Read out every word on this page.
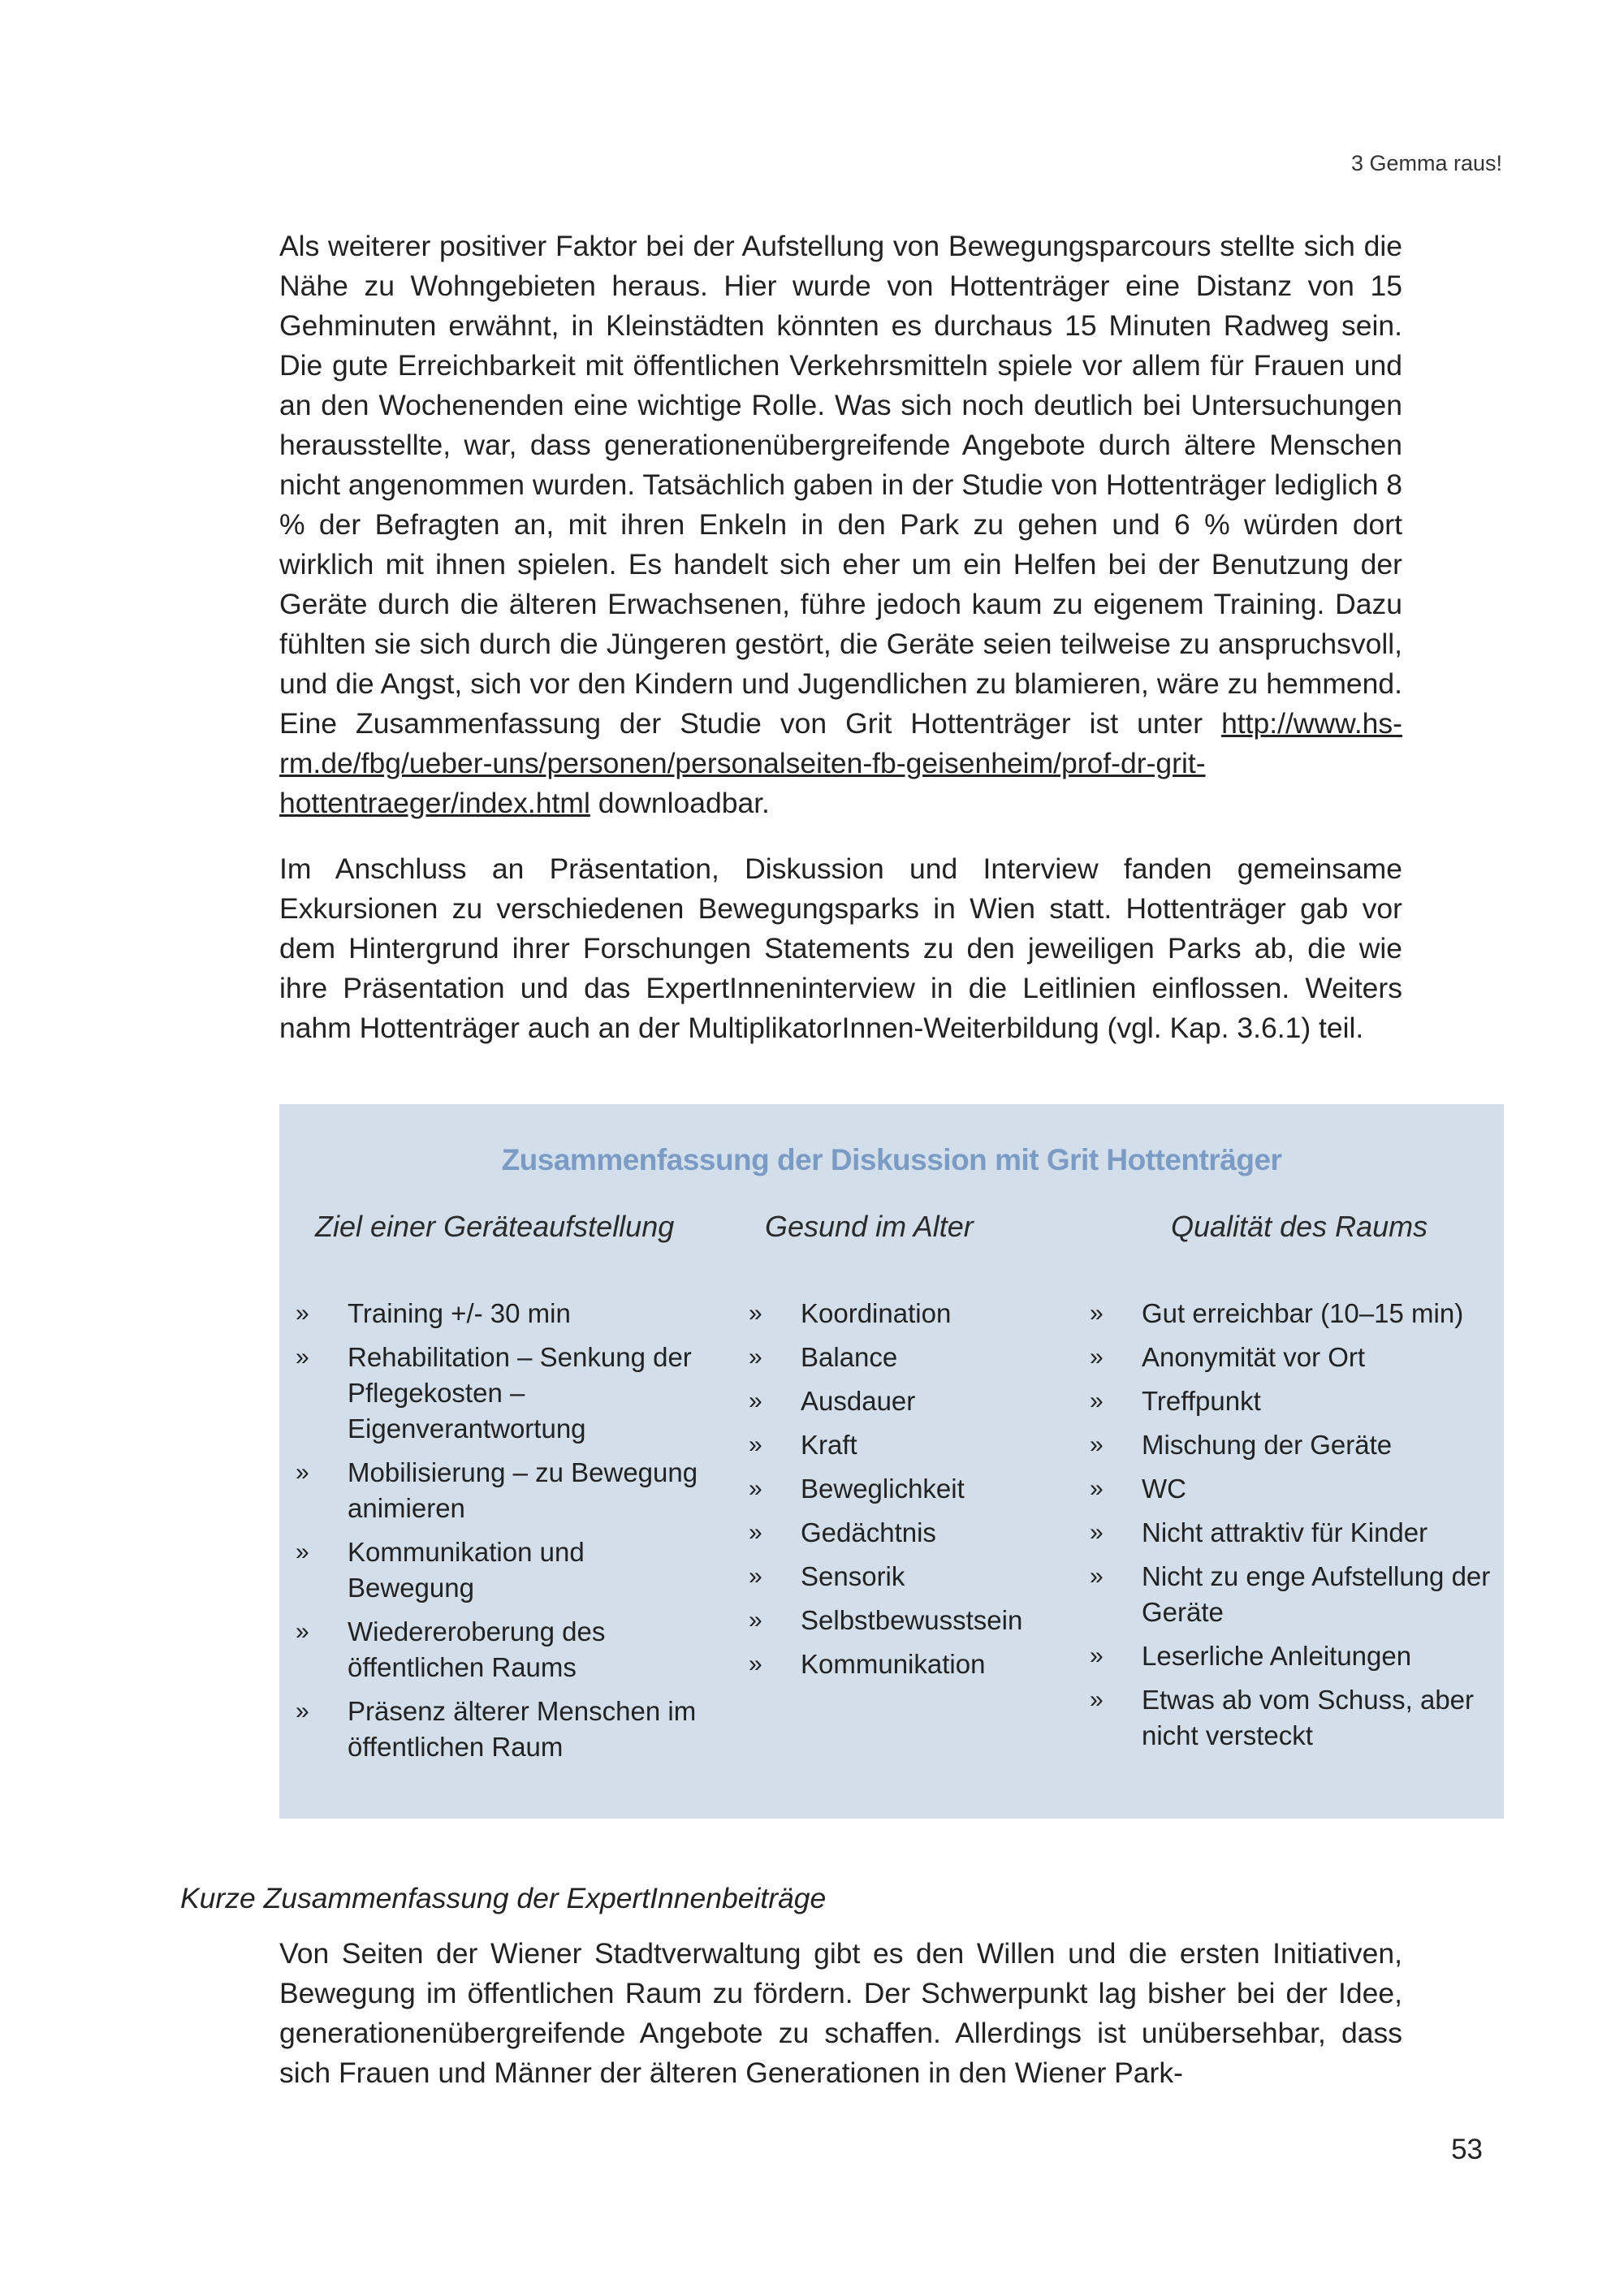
3 Gemma raus!

Als weiterer positiver Faktor bei der Aufstellung von Bewegungsparcours stellte sich die Nähe zu Wohngebieten heraus. Hier wurde von Hottenträger eine Distanz von 15 Gehminuten erwähnt, in Kleinstädten könnten es durchaus 15 Minuten Radweg sein. Die gute Erreichbarkeit mit öffentlichen Verkehrsmitteln spiele vor allem für Frauen und an den Wochenenden eine wichtige Rolle. Was sich noch deutlich bei Untersuchungen herausstellte, war, dass generationenübergreifende Angebote durch ältere Menschen nicht angenommen wurden. Tatsächlich gaben in der Studie von Hottenträger lediglich 8 % der Befragten an, mit ihren Enkeln in den Park zu gehen und 6 % würden dort wirklich mit ihnen spielen. Es handelt sich eher um ein Helfen bei der Benutzung der Geräte durch die älteren Erwachsenen, führe jedoch kaum zu eigenem Training. Dazu fühlten sie sich durch die Jüngeren gestört, die Geräte seien teilweise zu anspruchsvoll, und die Angst, sich vor den Kindern und Jugendlichen zu blamieren, wäre zu hemmend. Eine Zusammenfassung der Studie von Grit Hottenträger ist unter http://www.hs-rm.de/fbg/ueber-uns/personen/personalseiten-fb-geisenheim/prof-dr-grit-hottentraeger/index.html downloadbar.

Im Anschluss an Präsentation, Diskussion und Interview fanden gemeinsame Exkursionen zu verschiedenen Bewegungsparks in Wien statt. Hottenträger gab vor dem Hintergrund ihrer Forschungen Statements zu den jeweiligen Parks ab, die wie ihre Präsentation und das ExpertInneninterview in die Leitlinien einflossen. Weiters nahm Hottenträger auch an der MultiplikatorInnen-Weiterbildung (vgl. Kap. 3.6.1) teil.

Zusammenfassung der Diskussion mit Grit Hottenträger
Ziel einer Geräteaufstellung
» Training +/- 30 min
» Rehabilitation – Senkung der Pflegekosten – Eigenverantwortung
» Mobilisierung – zu Bewegung animieren
» Kommunikation und Bewegung
» Wiedereroberung des öffentlichen Raums
» Präsenz älterer Menschen im öffentlichen Raum
Gesund im Alter
» Koordination
» Balance
» Ausdauer
» Kraft
» Beweglichkeit
» Gedächtnis
» Sensorik
» Selbstbewusstsein
» Kommunikation
Qualität des Raums
» Gut erreichbar (10–15 min)
» Anonymität vor Ort
» Treffpunkt
» Mischung der Geräte
» WC
» Nicht attraktiv für Kinder
» Nicht zu enge Aufstellung der Geräte
» Leserliche Anleitungen
» Etwas ab vom Schuss, aber nicht versteckt
Kurze Zusammenfassung der ExpertInnenbeiträge

Von Seiten der Wiener Stadtverwaltung gibt es den Willen und die ersten Initiativen, Bewegung im öffentlichen Raum zu fördern. Der Schwerpunkt lag bisher bei der Idee, generationenübergreifende Angebote zu schaffen. Allerdings ist unübersehbar, dass sich Frauen und Männer der älteren Generationen in den Wiener Park-

53
